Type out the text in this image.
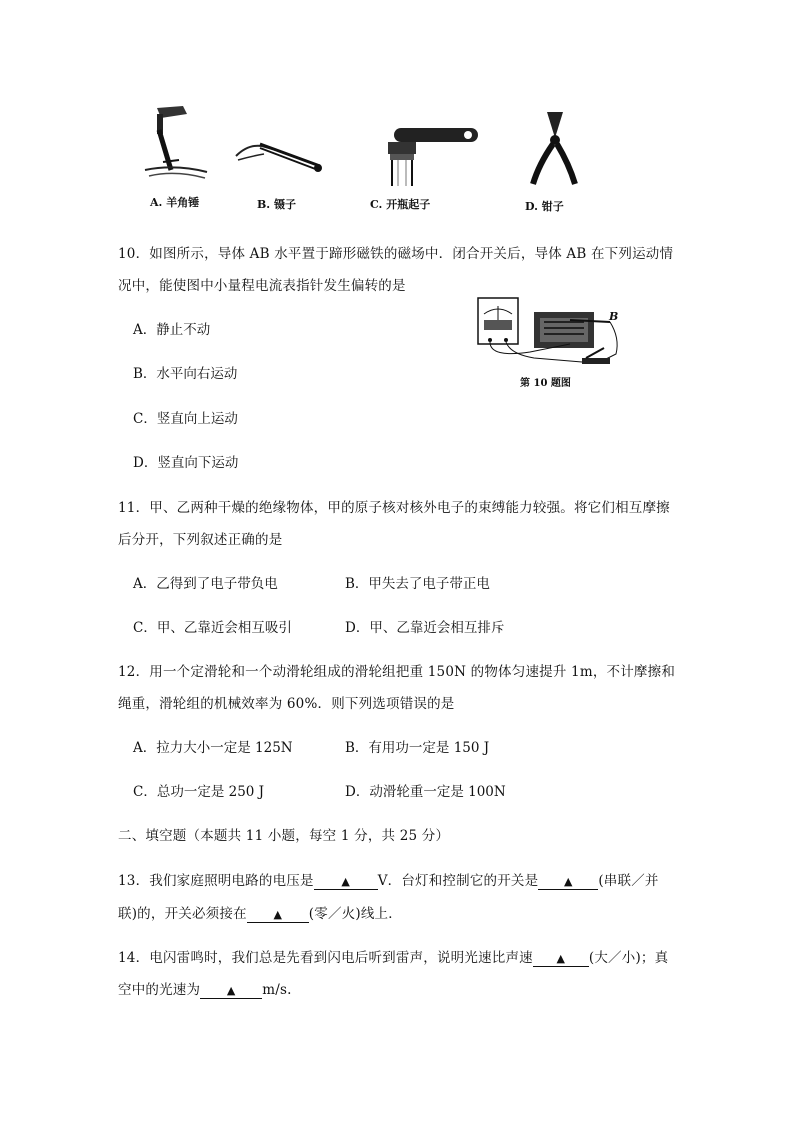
A. 羊角锤	B. 镊子	C. 开瓶起子	D. 钳子
10．如图所示，导体 AB 水平置于蹄形磁铁的磁场中．闭合开关后，导体 AB 在下列运动情
况中，能使图中小量程电流表指针发生偏转的是
A．静止不动
B．水平向右运动
C．竖直向上运动
D．竖直向下运动
B
第 10 题图
11．甲、乙两种干燥的绝缘物体，甲的原子核对核外电子的束缚能力较强。将它们相互摩擦
后分开，下列叙述正确的是
A．乙得到了电子带负电	B．甲失去了电子带正电
C．甲、乙靠近会相互吸引	D．甲、乙靠近会相互排斥
12．用一个定滑轮和一个动滑轮组成的滑轮组把重 150N 的物体匀速提升 1m，不计摩擦和
绳重，滑轮组的机械效率为 60%．则下列选项错误的是
A．拉力大小一定是 125N	B．有用功一定是 150 J
C．总功一定是 250 J	D．动滑轮重一定是 100N
二、填空题（本题共 11 小题，每空 1 分，共 25 分）
13．我们家庭照明电路的电压是	▲ V．台灯和控制它的开关是 ▲ (串联／并
联)的，开关必须接在 ▲ (零／火)线上．
14．电闪雷鸣时，我们总是先看到闪电后听到雷声，说明光速比声速 ▲ (大／小)；真
空中的光速为 ▲ m/s.
